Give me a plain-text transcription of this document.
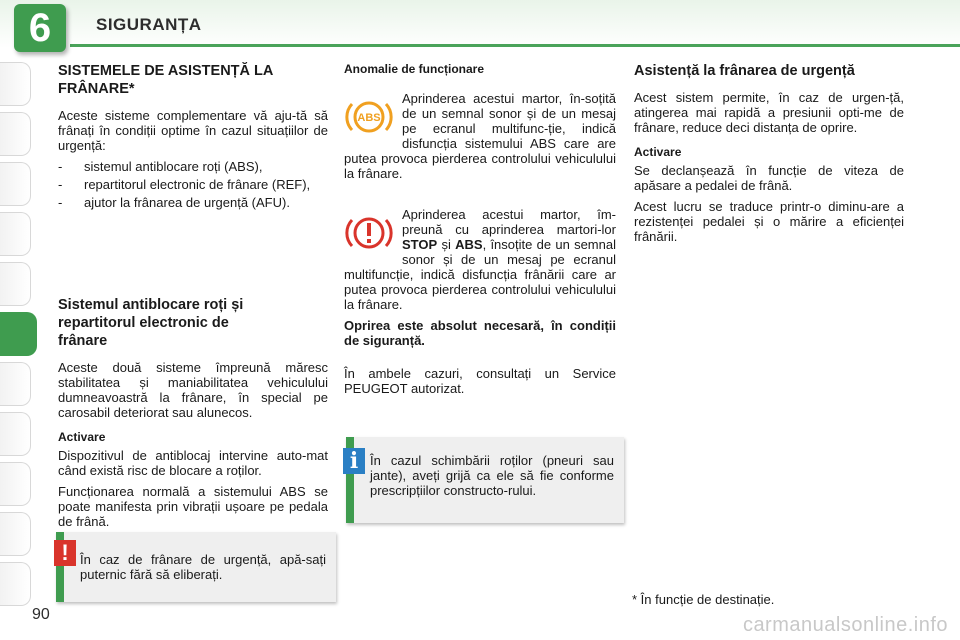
6	SIGURANȚA
SISTEMELE DE ASISTENȚĂ LA FRÂNARE*

Aceste sisteme complementare vă aju-tă să frânați în condiții optime în cazul situațiilor de urgență:

- sistemul antiblocare roți (ABS),
- repartitorul electronic de frânare (REF),
- ajutor la frânarea de urgență (AFU).
Sistemul antiblocare roți și repartitorul electronic de frânare

Aceste două sisteme împreună măresc stabilitatea și maniabilitatea vehiculului dumneavoastră la frânare, în special pe carosabil deteriorat sau alunecos.

Activare

Dispozitivul de antiblocaj intervine auto-mat când există risc de blocare a roților.

Funcționarea normală a sistemului ABS se poate manifesta prin vibrații ușoare pe pedala de frână.

În caz de frânare de urgență, apă-sați puternic fără să eliberați.
!
Anomalie de funcționare
ABS

Aprinderea acestui martor, în-soțită de un semnal sonor și de un mesaj pe ecranul multifunc-ție, indică disfuncția sistemului ABS care are putea provoca pierderea controlului vehiculului la frânare.

Aprinderea acestui martor, îm-preună cu aprinderea martori-lor STOP și ABS, însoțite de un semnal sonor și de un mesaj pe ecranul multifuncție, indică disfuncția frânării care ar putea provoca pierderea controlului vehiculului la frânare.

Oprirea este absolut necesară, în condiții de siguranță.

În ambele cazuri, consultați un Service PEUGEOT autorizat.

În cazul schimbării roților (pneuri sau jante), aveți grijă ca ele să fie conforme prescripțiilor constructo-rului.
i
Asistență la frânarea de urgență

Acest sistem permite, în caz de urgen-ță, atingerea mai rapidă a presiunii opti-me de frânare, reduce deci distanța de oprire.

Activare

Se declanșează în funcție de viteza de apăsare a pedalei de frână.

Acest lucru se traduce printr-o diminu-are a rezistenței pedalei și o mărire a eficienței frânării.

* În funcție de destinație.
90	carmanualsonline.info
